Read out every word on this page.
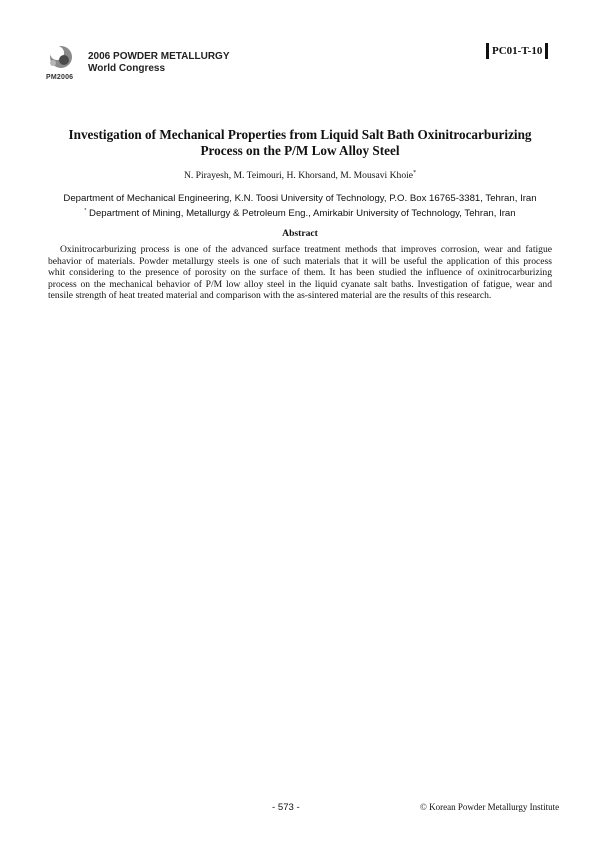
PM2006
2006 POWDER METALLURGY
World Congress
PC01-T-10
Investigation of Mechanical Properties from Liquid Salt Bath Oxinitrocarburizing
Process on the P/M Low Alloy Steel
N. Pirayesh, M. Teimouri, H. Khorsand, M. Mousavi Khoie*
Department of Mechanical Engineering, K.N. Toosi University of Technology, P.O. Box 16765-3381, Tehran, Iran
* Department of Mining, Metallurgy & Petroleum Eng., Amirkabir University of Technology, Tehran, Iran
Abstract
Oxinitrocarburizing process is one of the advanced surface treatment methods that improves corrosion, wear and fatigue
behavior of materials. Powder metallurgy steels is one of such materials that it will be useful the application of this process
whit considering to the presence of porosity on the surface of them. It has been studied the influence of oxinitrocarburizing
process on the mechanical behavior of P/M low alloy steel in the liquid cyanate salt baths. Investigation of fatigue, wear and
tensile strength of heat treated material and comparison with the as-sintered material are the results of this research.
- 573 -	© Korean Powder Metallurgy Institute
